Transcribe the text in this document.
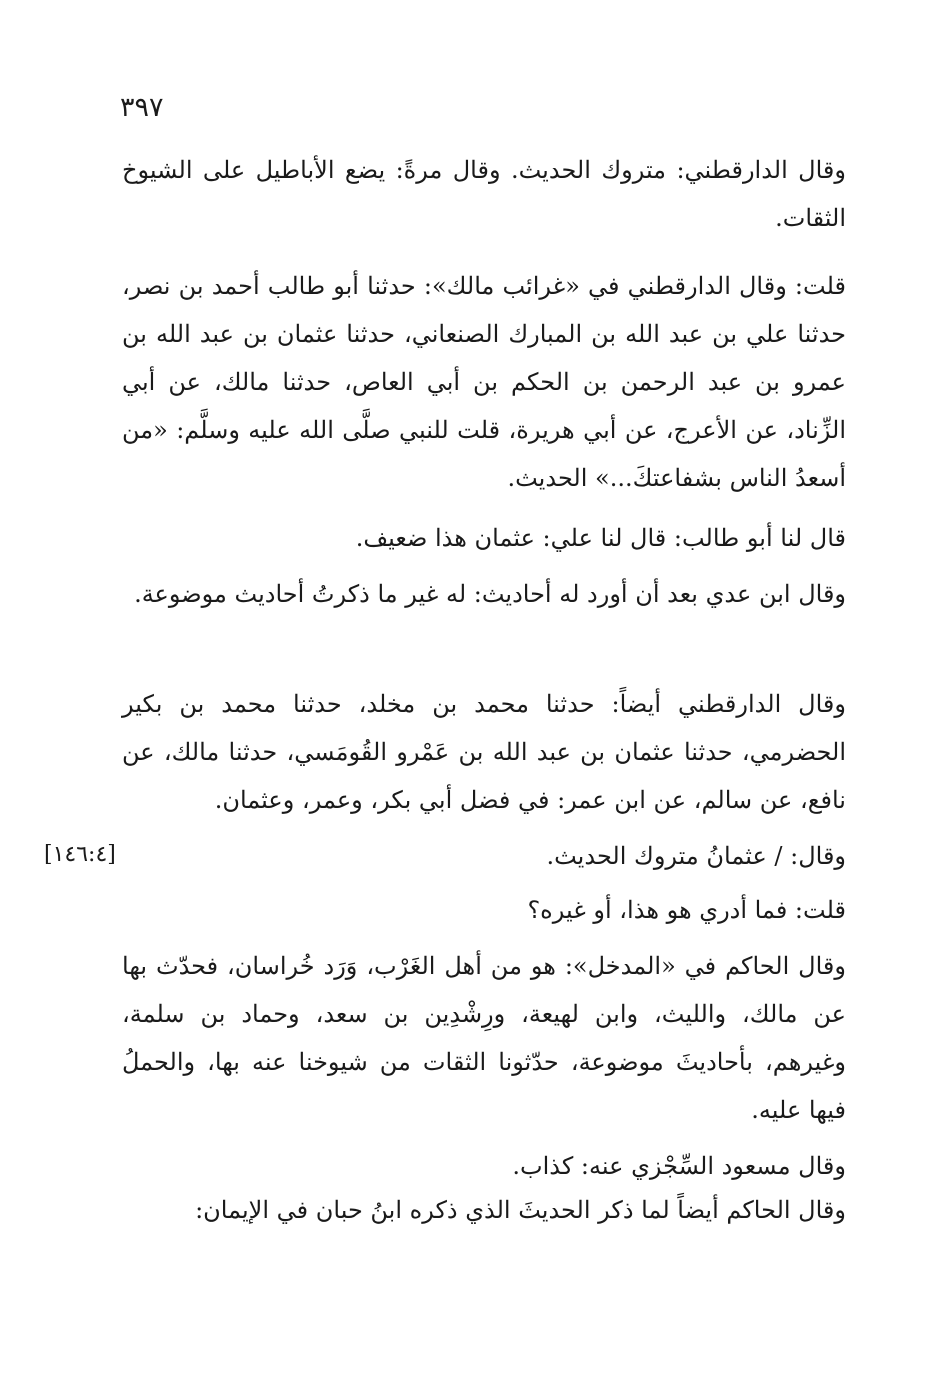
٣٩٧
[١٤٦:٤]

وقال الدارقطني: متروك الحديث. وقال مرةً: يضع الأباطيل على الشيوخ الثقات.

قلت: وقال الدارقطني في «غرائب مالك»: حدثنا أبو طالب أحمد بن نصر، حدثنا علي بن عبد الله بن المبارك الصنعاني، حدثنا عثمان بن عبد الله بن عمرو بن عبد الرحمن بن الحكم بن أبي العاص، حدثنا مالك، عن أبي الزِّناد، عن الأعرج، عن أبي هريرة، قلت للنبي صلَّى الله عليه وسلَّم: «من أسعدُ الناس بشفاعتكَ...» الحديث.

قال لنا أبو طالب: قال لنا علي: عثمان هذا ضعيف.

وقال ابن عدي بعد أن أورد له أحاديث: له غير ما ذكرتُ أحاديث موضوعة.

وقال الدارقطني أيضاً: حدثنا محمد بن مخلد، حدثنا محمد بن بكير الحضرمي، حدثنا عثمان بن عبد الله بن عَمْرو القُومَسي، حدثنا مالك، عن نافع، عن سالم، عن ابن عمر: في فضل أبي بكر، وعمر، وعثمان.

وقال: / عثمانُ متروك الحديث.

قلت: فما أدري هو هذا، أو غيره؟

وقال الحاكم في «المدخل»: هو من أهل الغَرْب، وَرَد خُراسان، فحدّث بها عن مالك، والليث، وابن لهيعة، ورِشْدِين بن سعد، وحماد بن سلمة، وغيرهم، بأحاديثَ موضوعة، حدّثونا الثقات من شيوخنا عنه بها، والحملُ فيها عليه.

وقال مسعود السِّجْزي عنه: كذاب.

وقال الحاكم أيضاً لما ذكر الحديثَ الذي ذكره ابنُ حبان في الإيمان:
